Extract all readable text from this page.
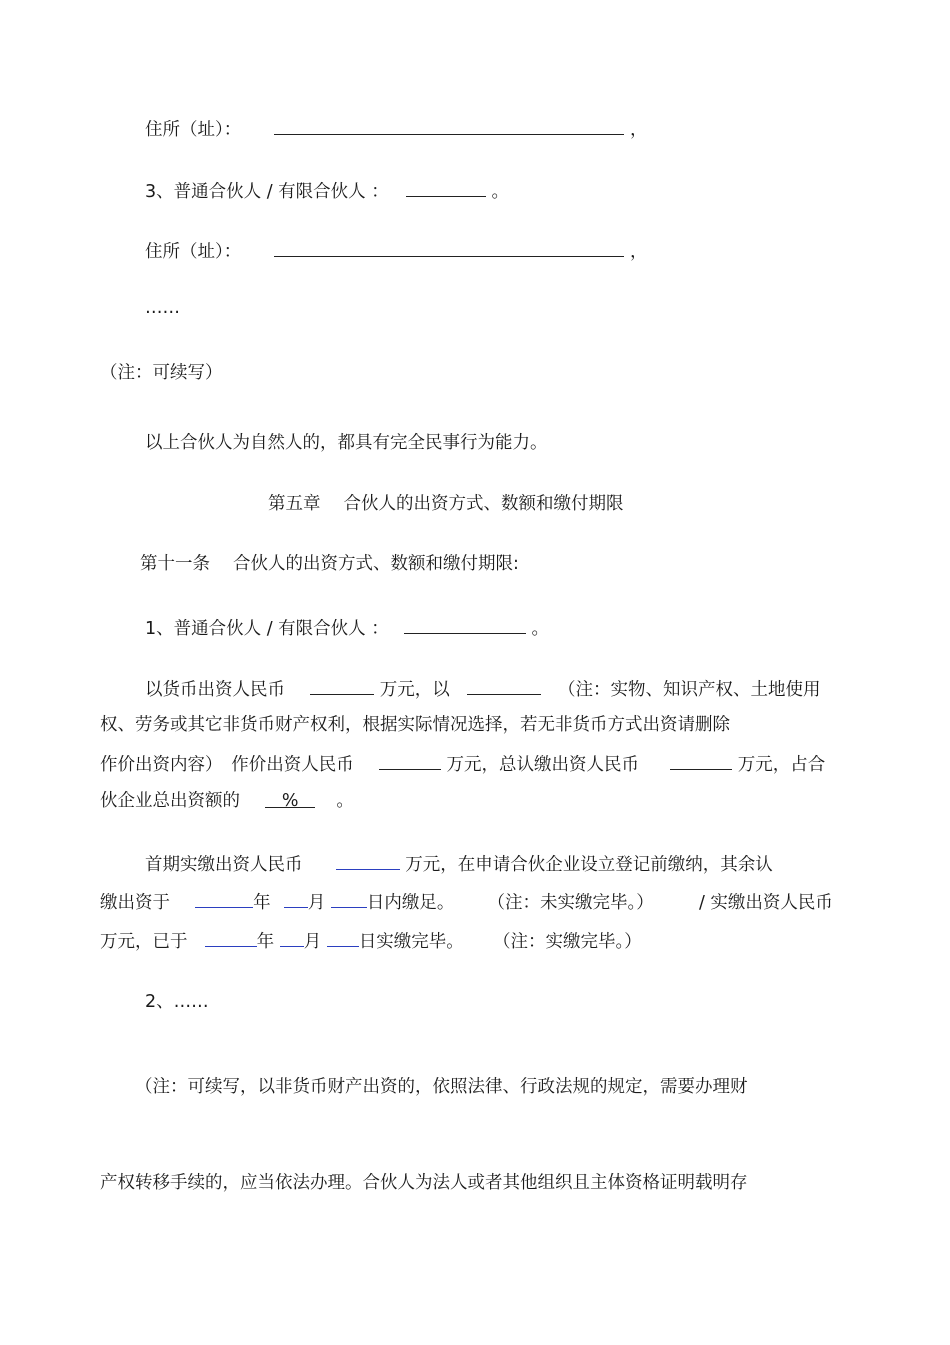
住所（址）：	，
3、普通合伙人 / 有限合伙人 ：	。
住所（址）：	，
……
（注：可续写）
以上合伙人为自然人的，都具有完全民事行为能力。
第五章　 合伙人的出资方式、数额和缴付期限
第十一条　 合伙人的出资方式、数额和缴付期限:
1、普通合伙人 / 有限合伙人 ：	。
以货币出资人民币	万元，以	（注：实物、知识产权、土地使用
权、劳务或其它非货币财产权利，根据实际情况选择，若无非货币方式出资请删除
作价出资内容）　作价出资人民币	万元，总认缴出资人民币	万元，占合
伙企业总出资额的 % 。
首期实缴出资人民币	万元，在申请合伙企业设立登记前缴纳，其余认
缴出资于	年 月 日内缴足。 （注：未实缴完毕。）	/ 实缴出资人民币
万元，已于	年 月 日实缴完毕。 （注：实缴完毕。）
2、……
（注：可续写，以非货币财产出资的，依照法律、行政法规的规定，需要办理财
产权转移手续的，应当依法办理。合伙人为法人或者其他组织且主体资格证明载明存
